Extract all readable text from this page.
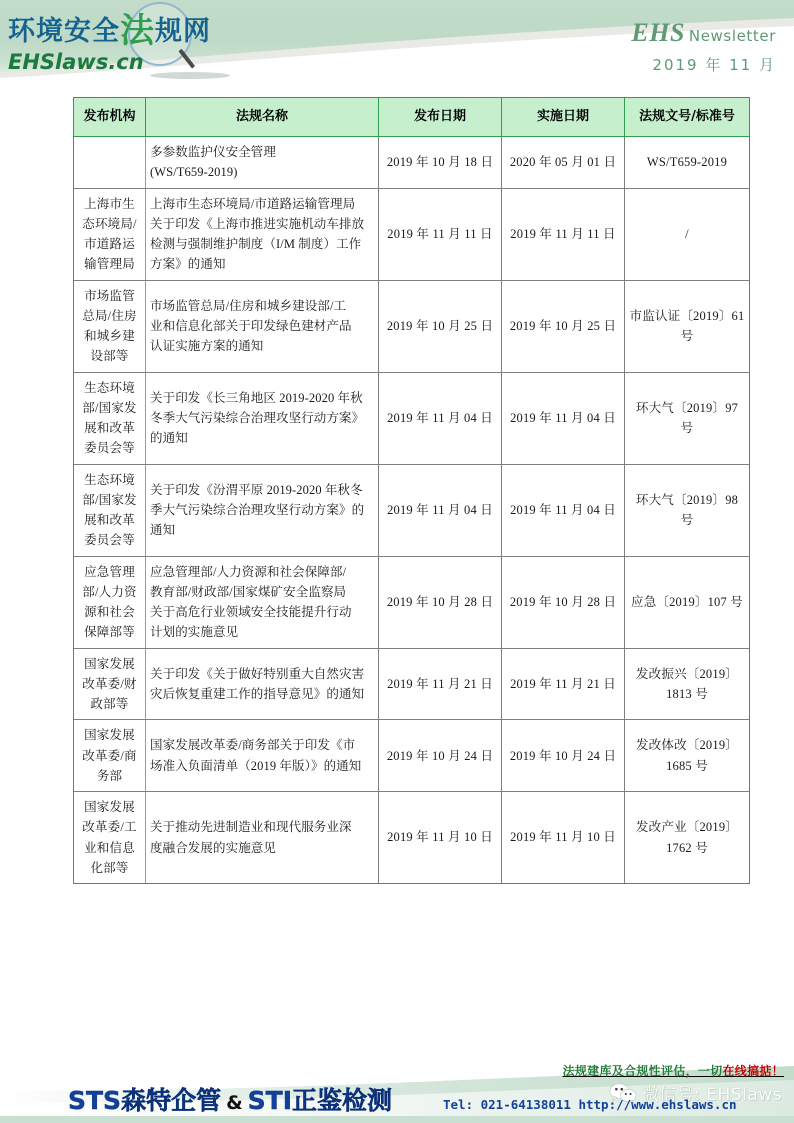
环境安全法规网
EHSlaws.cn
EHS Newsletter
2019 年 11 月
发布机构	法规名称	发布日期	实施日期	法规文号/标准号

	多参数监护仪安全管理
(WS/T659-2019)	2019 年 10 月 18 日	2020 年 05 月 01 日	WS/T659-2019

上海市生态环境局/市道路运输管理局	上海市生态环境局/市道路运输管理局
关于印发《上海市推进实施机动车排放
检测与强制维护制度（I/M 制度）工作
方案》的通知	2019 年 11 月 11 日	2019 年 11 月 11 日	/

市场监管总局/住房和城乡建设部等	市场监管总局/住房和城乡建设部/工
业和信息化部关于印发绿色建材产品
认证实施方案的通知	2019 年 10 月 25 日	2019 年 10 月 25 日	市监认证〔2019〕61
号

生态环境部/国家发展和改革委员会等	关于印发《长三角地区 2019-2020 年秋
冬季大气污染综合治理攻坚行动方案》
的通知	2019 年 11 月 04 日	2019 年 11 月 04 日	环大气〔2019〕97 号

生态环境部/国家发展和改革委员会等	关于印发《汾渭平原 2019-2020 年秋冬
季大气污染综合治理攻坚行动方案》的
通知	2019 年 11 月 04 日	2019 年 11 月 04 日	环大气〔2019〕98 号

应急管理部/人力资源和社会保障部等	应急管理部/人力资源和社会保障部/
教育部/财政部/国家煤矿安全监察局
关于高危行业领域安全技能提升行动
计划的实施意见	2019 年 10 月 28 日	2019 年 10 月 28 日	应急〔2019〕107 号

国家发展改革委/财政部等	关于印发《关于做好特别重大自然灾害
灾后恢复重建工作的指导意见》的通知	2019 年 11 月 21 日	2019 年 11 月 21 日	发改振兴〔2019〕
1813 号

国家发展改革委/商务部	国家发展改革委/商务部关于印发《市
场准入负面清单（2019 年版）》的通知	2019 年 10 月 24 日	2019 年 10 月 24 日	发改体改〔2019〕
1685 号

国家发展改革委/工业和信息化部等	关于推动先进制造业和现代服务业深
度融合发展的实施意见	2019 年 11 月 10 日	2019 年 11 月 10 日	发改产业〔2019〕
1762 号
法规建库及合规性评估，一切在线搞掂！
微信号: EHSlaws
STS森特企管 & STI正鉴检测	Tel: 021-64138011 http://www.ehslaws.cn
